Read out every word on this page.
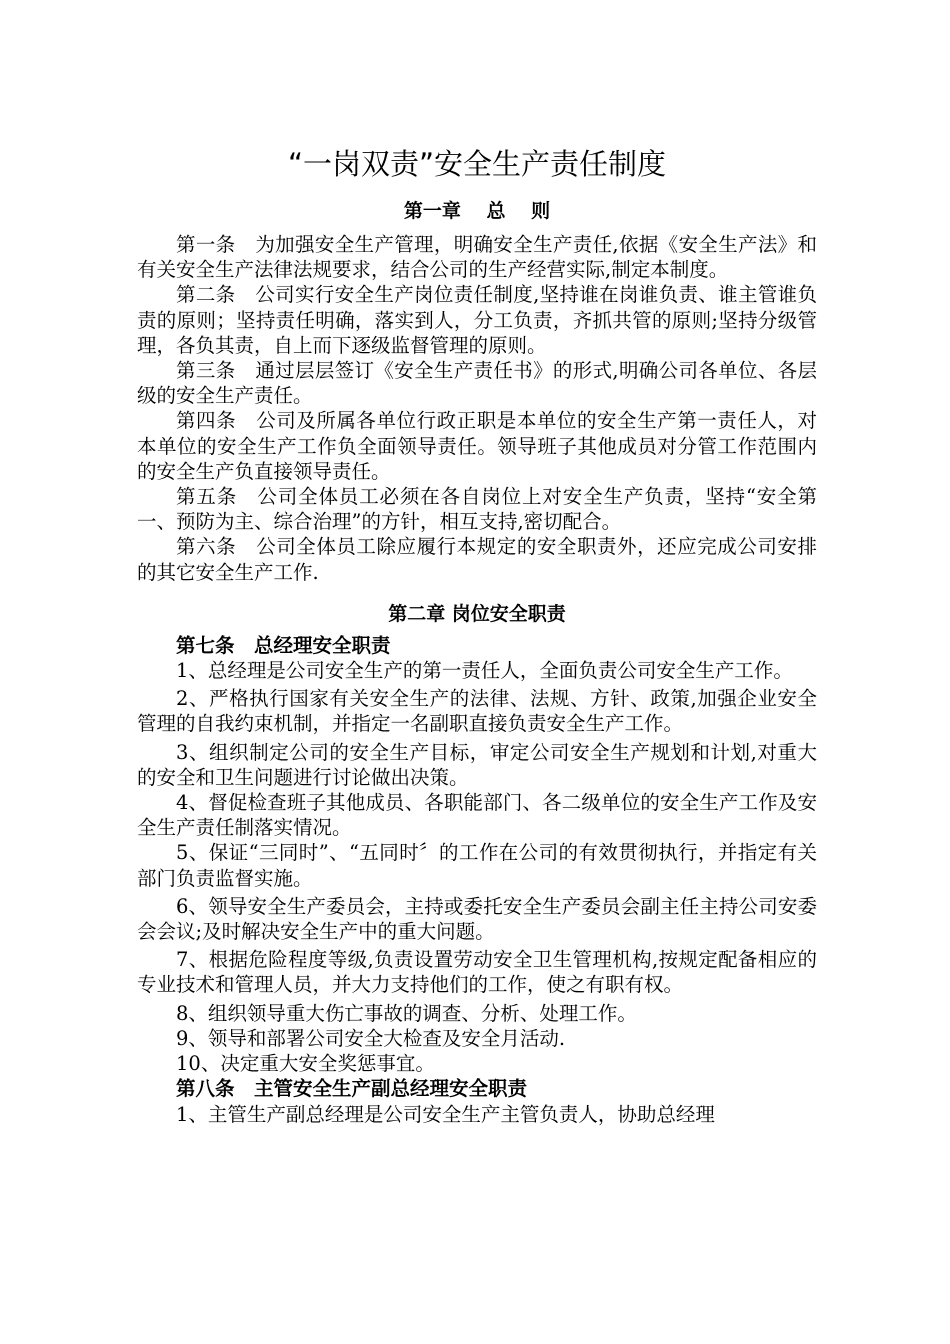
“一岗双责”安全生产责任制度
第一章　 总　 则

第一条　为加强安全生产管理，明确安全生产责任,依据《安全生产法》和有关安全生产法律法规要求，结合公司的生产经营实际,制定本制度。

第二条　公司实行安全生产岗位责任制度,坚持谁在岗谁负责、谁主管谁负责的原则；坚持责任明确，落实到人，分工负责，齐抓共管的原则;坚持分级管理，各负其责，自上而下逐级监督管理的原则。

第三条　通过层层签订《安全生产责任书》的形式,明确公司各单位、各层级的安全生产责任。

第四条　公司及所属各单位行政正职是本单位的安全生产第一责任人，对本单位的安全生产工作负全面领导责任。领导班子其他成员对分管工作范围内的安全生产负直接领导责任。

第五条　公司全体员工必须在各自岗位上对安全生产负责，坚持“安全第一、预防为主、综合治理”的方针，相互支持,密切配合。

第六条　公司全体员工除应履行本规定的安全职责外，还应完成公司安排的其它安全生产工作.

第二章 岗位安全职责

第七条　总经理安全职责

1、总经理是公司安全生产的第一责任人，全面负责公司安全生产工作。

2、严格执行国家有关安全生产的法律、法规、方针、政策,加强企业安全管理的自我约束机制，并指定一名副职直接负责安全生产工作。

3、组织制定公司的安全生产目标，审定公司安全生产规划和计划,对重大的安全和卫生问题进行讨论做出决策。

4、督促检查班子其他成员、各职能部门、各二级单位的安全生产工作及安全生产责任制落实情况。

5、保证“三同时”、“五同时〞的工作在公司的有效贯彻执行，并指定有关部门负责监督实施。

6、领导安全生产委员会，主持或委托安全生产委员会副主任主持公司安委会会议;及时解决安全生产中的重大问题。

7、根据危险程度等级,负责设置劳动安全卫生管理机构,按规定配备相应的专业技术和管理人员，并大力支持他们的工作，使之有职有权。

8、组织领导重大伤亡事故的调查、分析、处理工作。

9、领导和部署公司安全大检查及安全月活动.

10、决定重大安全奖惩事宜。

第八条　主管安全生产副总经理安全职责

1、主管生产副总经理是公司安全生产主管负责人，协助总经理
